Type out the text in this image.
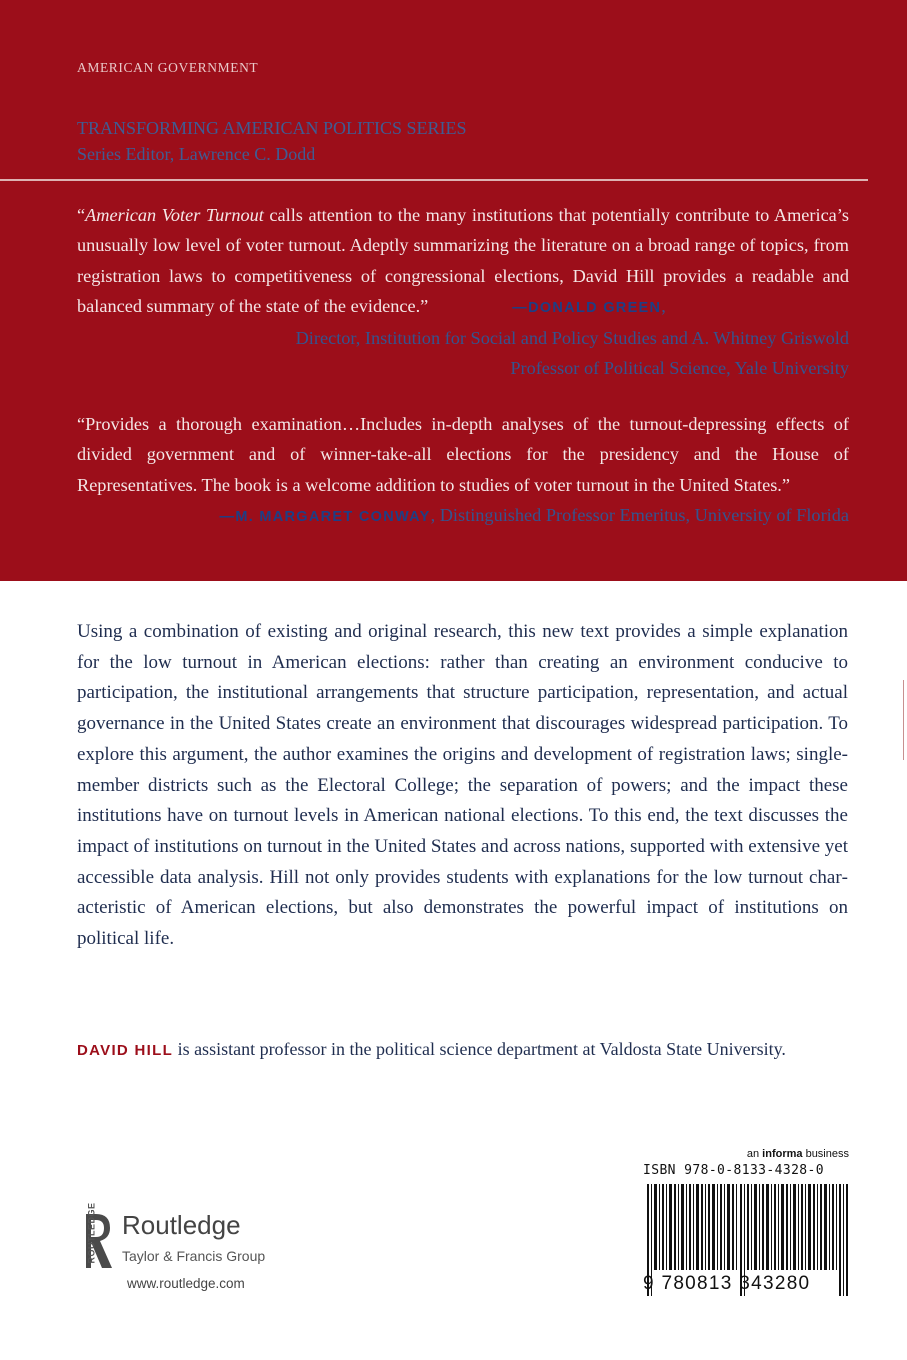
AMERICAN GOVERNMENT
TRANSFORMING AMERICAN POLITICS SERIES
Series Editor, Lawrence C. Dodd
“American Voter Turnout calls attention to the many institutions that potentially contribute to America’s unusually low level of voter turnout. Adeptly summarizing the literature on a broad range of topics, from registration laws to competitiveness of congressional elections, David Hill provides a readable and balanced summary of the state of the evidence.”	—DONALD GREEN,
Director, Institution for Social and Policy Studies and A. Whitney Griswold
Professor of Political Science, Yale University
“Provides a thorough examination…Includes in-depth analyses of the turnout-depressing effects of divided government and of winner-take-all elections for the presidency and the House of Representatives. The book is a welcome addition to studies of voter turnout in the United States.”
—M. MARGARET CONWAY, Distinguished Professor Emeritus, University of Florida
Using a combination of existing and original research, this new text provides a simple explanation for the low turnout in American elections: rather than creating an environment conducive to participation, the institutional arrangements that structure participation, representation, and actual governance in the United States create an environment that discourages widespread participation. To explore this argument, the author examines the origins and development of registration laws; single-member districts such as the Electoral College; the separation of powers; and the impact these institutions have on turnout levels in American national elections. To this end, the text discusses the impact of institutions on turnout in the United States and across nations, supported with extensive yet accessible data analysis. Hill not only provides students with explanations for the low turnout characteristic of American elections, but also demonstrates the powerful impact of institutions on political life.
DAVID HILL is assistant professor in the political science department at Valdosta State University.
ROUTLEDGE Routledge
Taylor & Francis Group
www.routledge.com
an informa business
ISBN 978-0-8133-4328-0
9 780813 343280
